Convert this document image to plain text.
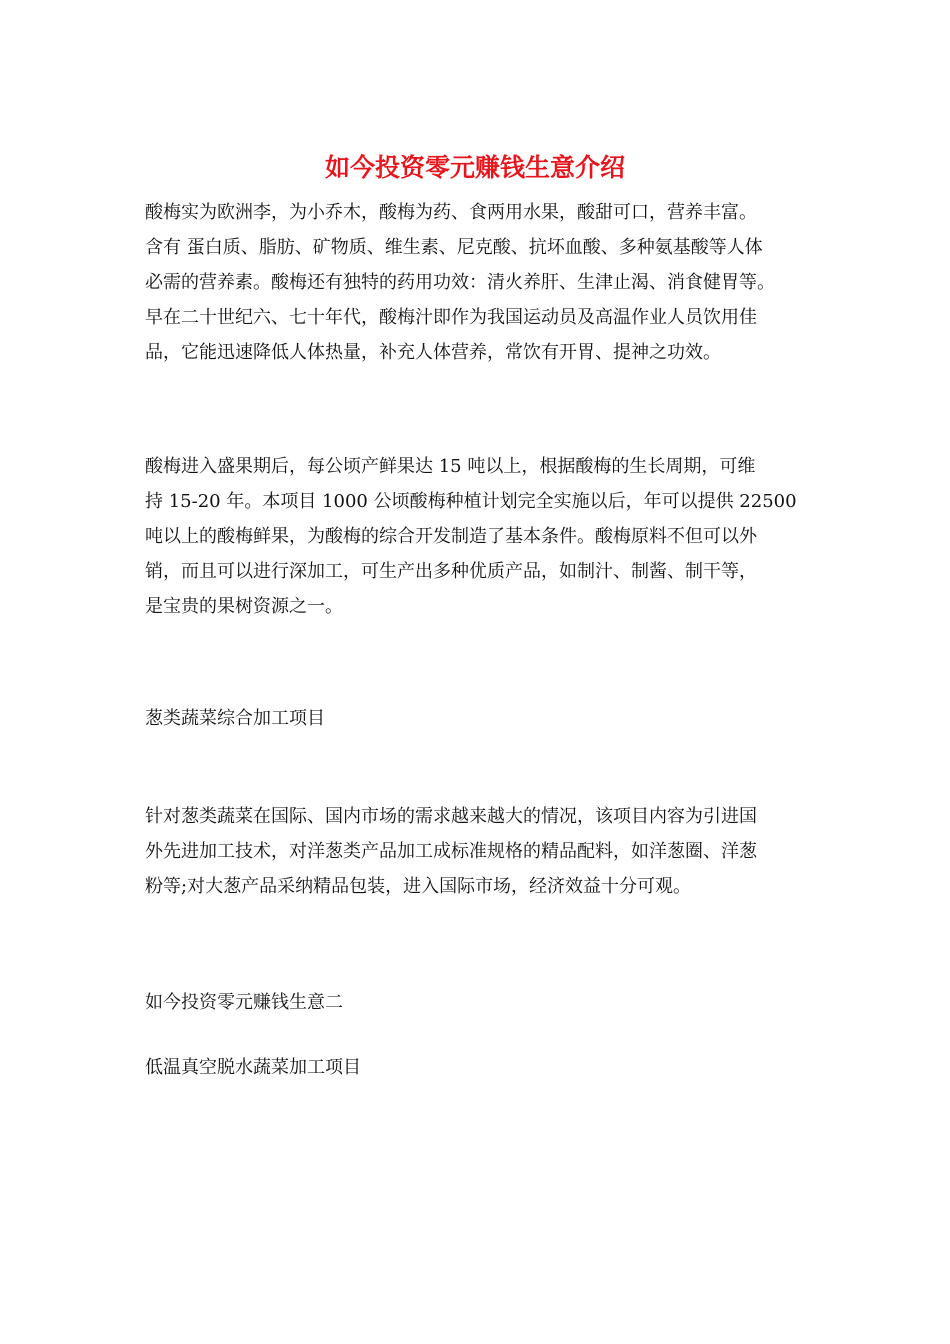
如今投资零元赚钱生意介绍

酸梅实为欧洲李，为小乔木，酸梅为药、食两用水果，酸甜可口，营养丰富。
含有 蛋白质、脂肪、矿物质、维生素、尼克酸、抗坏血酸、多种氨基酸等人体
必需的营养素。酸梅还有独特的药用功效：清火养肝、生津止渴、消食健胃等。
早在二十世纪六、七十年代，酸梅汁即作为我国运动员及高温作业人员饮用佳
品，它能迅速降低人体热量，补充人体营养，常饮有开胃、提神之功效。

酸梅进入盛果期后，每公顷产鲜果达 15 吨以上，根据酸梅的生长周期，可维
持 15-20 年。本项目 1000 公顷酸梅种植计划完全实施以后，年可以提供 22500
吨以上的酸梅鲜果，为酸梅的综合开发制造了基本条件。酸梅原料不但可以外
销，而且可以进行深加工，可生产出多种优质产品，如制汁、制酱、制干等，
是宝贵的果树资源之一。

葱类蔬菜综合加工项目

针对葱类蔬菜在国际、国内市场的需求越来越大的情况，该项目内容为引进国
外先进加工技术，对洋葱类产品加工成标准规格的精品配料，如洋葱圈、洋葱
粉等;对大葱产品采纳精品包装，进入国际市场，经济效益十分可观。

如今投资零元赚钱生意二

低温真空脱水蔬菜加工项目
